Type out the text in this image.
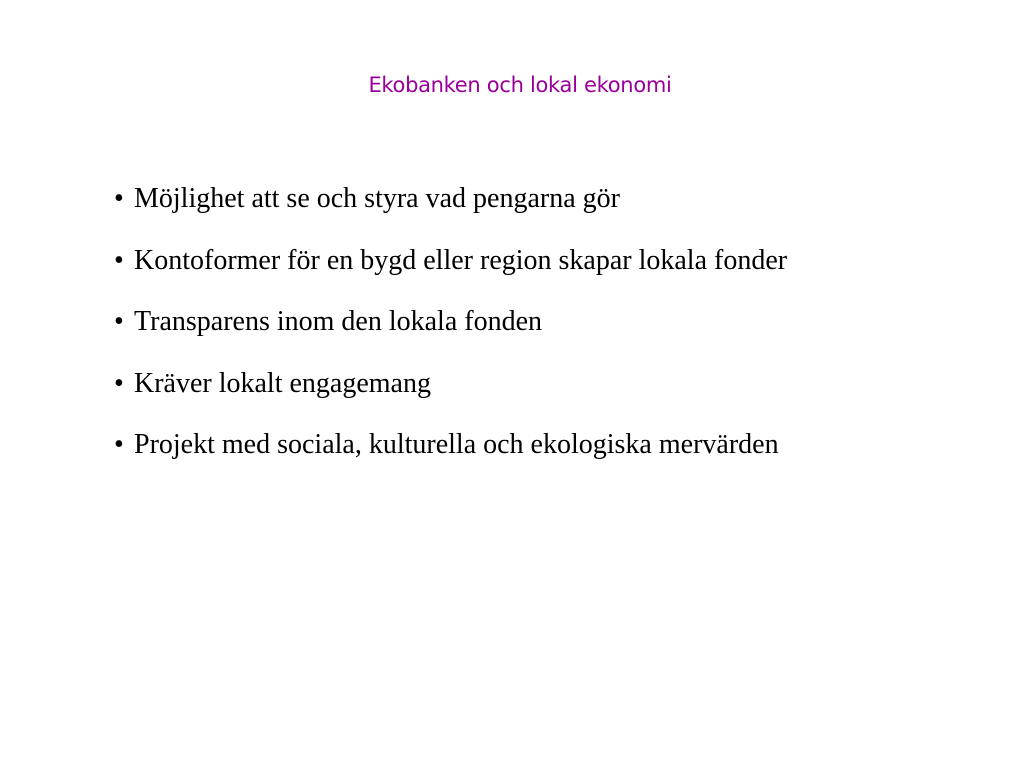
Ekobanken och lokal ekonomi
• Möjlighet att se och styra vad pengarna gör
• Kontoformer för en bygd eller region skapar lokala fonder
• Transparens inom den lokala fonden
• Kräver lokalt engagemang
• Projekt med sociala, kulturella och ekologiska mervärden
